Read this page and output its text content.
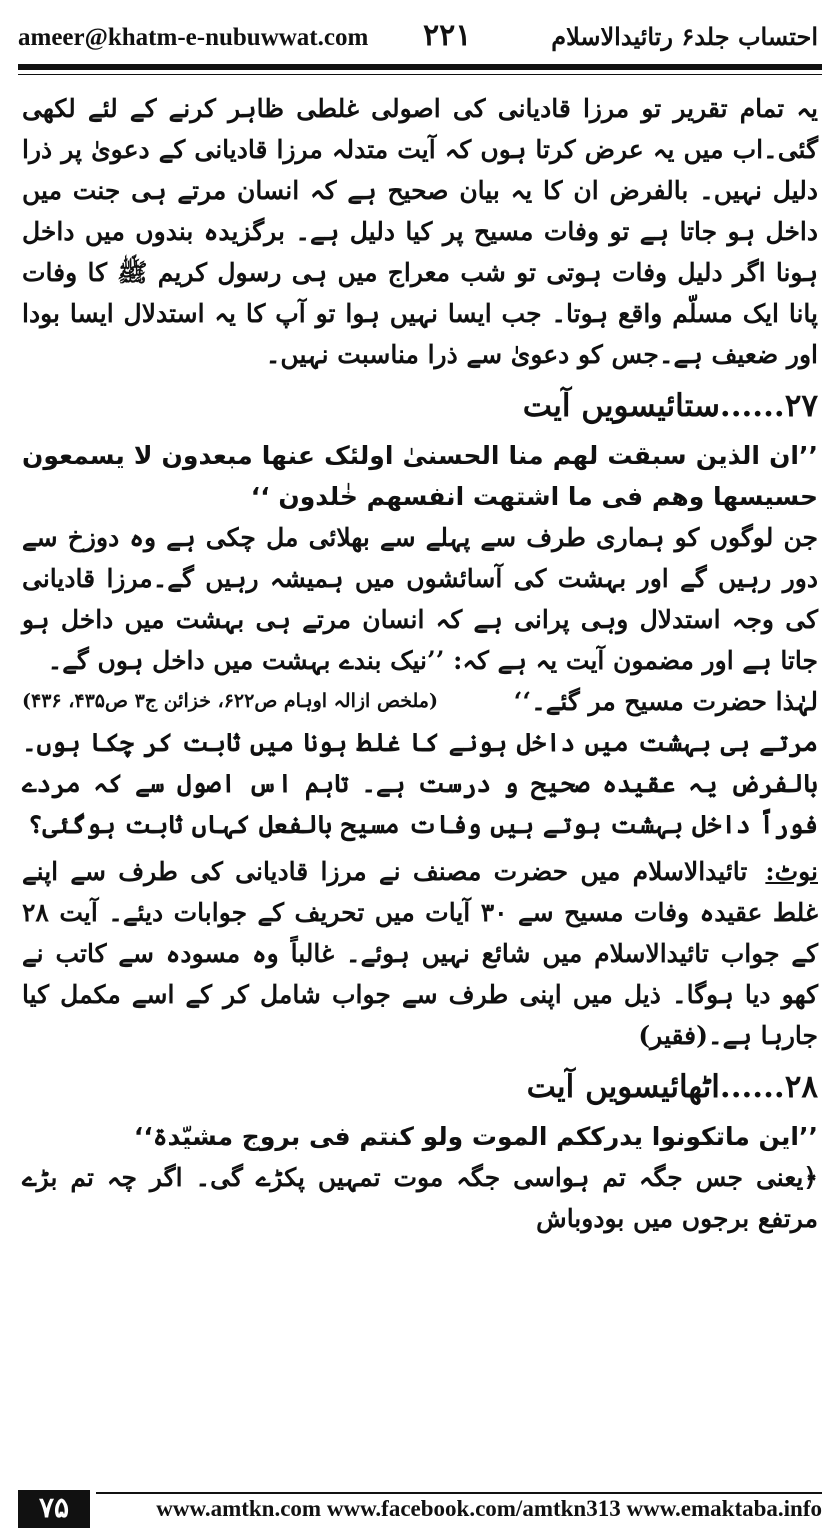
ameer@khatm-e-nubuwwat.com ۲۲۱	احتساب جلد۶ رتائیدالاسلام

یہ تمام تقریر تو مرزا قادیانی کی اصولی غلطی ظاہر کرنے کے لئے لکھی گئی۔اب میں یہ عرض کرتا ہوں کہ آیت متدلہ مرزا قادیانی کے دعویٰ پر ذرا دلیل نہیں۔ بالفرض ان کا یہ بیان صحیح ہے کہ انسان مرتے ہی جنت میں داخل ہو جاتا ہے تو وفات مسیح پر کیا دلیل ہے۔ برگزیدہ بندوں میں داخل ہونا اگر دلیل وفات ہوتی تو شب معراج میں ہی رسول کریم ﷺ کا وفات پانا ایک مسلّم واقع ہوتا۔ جب ایسا نہیں ہوا تو آپ کا یہ استدلال ایسا بودا اور ضعیف ہے۔جس کو دعویٰ سے ذرا مناسبت نہیں۔

۲۷......ستائیسویں آیت

’’ان الذین سبقت لھم منا الحسنیٰ اولئک عنھا مبعدون لا یسمعون حسیسھا وھم فی ما اشتھت انفسھم خٰلدون ‘‘

جن لوگوں کو ہماری طرف سے پہلے سے بھلائی مل چکی ہے وہ دوزخ سے دور رہیں گے اور بہشت کی آسائشوں میں ہمیشہ رہیں گے۔مرزا قادیانی کی وجہ استدلال وہی پرانی ہے کہ انسان مرتے ہی بہشت میں داخل ہو جاتا ہے اور مضمون آیت یہ ہے کہ: ’’نیک بندے بہشت میں داخل ہوں گے۔

لہٰذا حضرت مسیح مر گئے۔‘‘
(ملخص ازالہ اوہام ص۶۲۲، خزائن ج۳ ص۴۳۵، ۴۳۶)

مرتے ہی بہشت میں داخل ہونے کا غلط ہونا میں ثابت کر چکا ہوں۔ بالفرض یہ عقیدہ صحیح و درست ہے۔ تاہم اس اصول سے کہ مردے فوراً داخل بہشت ہوتے ہیں وفات مسیح بالفعل کہاں ثابت ہوگئی؟

نوٹ:تائیدالاسلام میں حضرت مصنف نے مرزا قادیانی کی طرف سے اپنے غلط عقیدہ وفات مسیح سے ۳۰ آیات میں تحریف کے جوابات دیئے۔ آیت ۲۸ کے جواب تائیدالاسلام میں شائع نہیں ہوئے۔ غالباً وہ مسودہ سے کاتب نے کھو دیا ہوگا۔ ذیل میں اپنی طرف سے جواب شامل کر کے اسے مکمل کیا جارہا ہے۔(فقیر)

۲۸......اٹھائیسویں آیت

’’این ماتکونوا یدرککم الموت ولو کنتم فی بروج مشیّدۃ‘‘

﴿یعنی جس جگہ تم ہواسی جگہ موت تمہیں پکڑے گی۔ اگر چہ تم بڑے مرتفع برجوں میں بودوباش

۷۵	www.amtkn.com www.facebook.com/amtkn313 www.emaktaba.info
